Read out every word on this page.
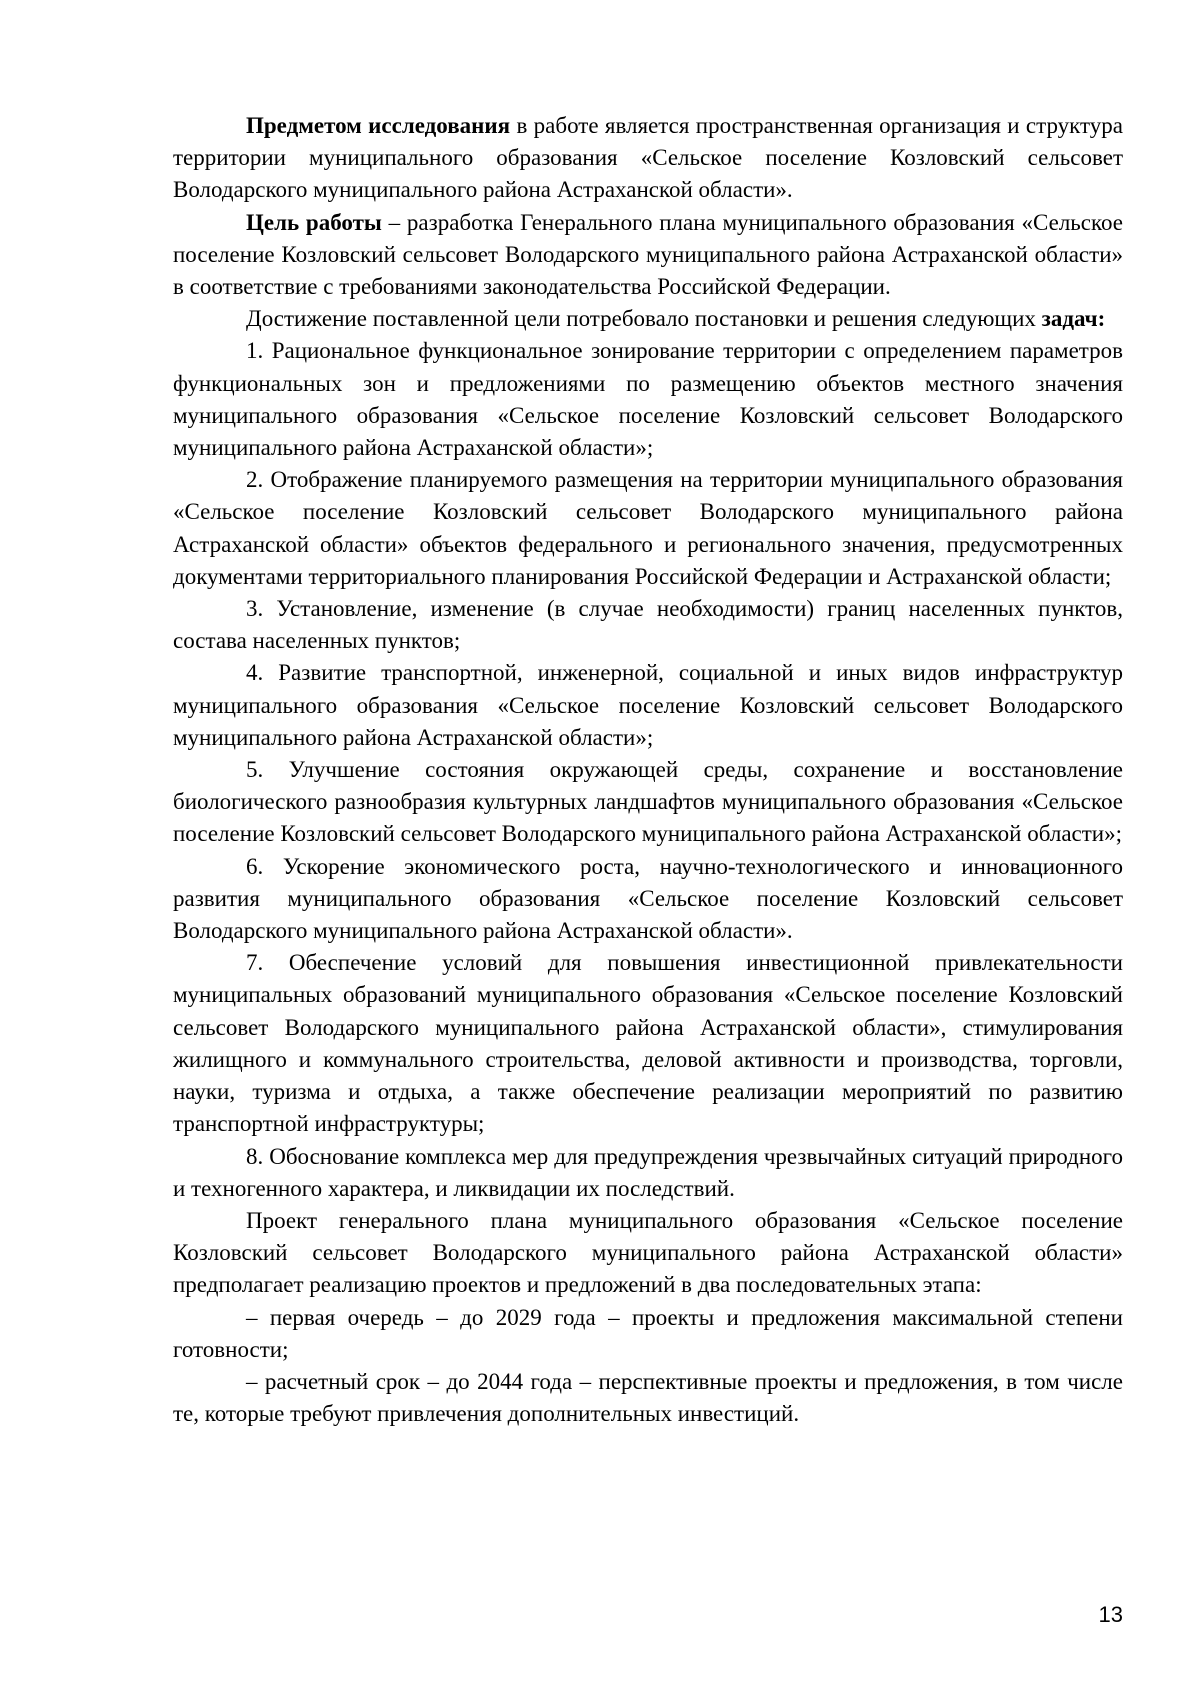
Предметом исследования в работе является пространственная организация и структура территории муниципального образования «Сельское поселение Козловский сельсовет Володарского муниципального района Астраханской области».

Цель работы – разработка Генерального плана муниципального образования «Сельское поселение Козловский сельсовет Володарского муниципального района Астраханской области» в соответствие с требованиями законодательства Российской Федерации.

Достижение поставленной цели потребовало постановки и решения следующих задач:

1. Рациональное функциональное зонирование территории с определением параметров функциональных зон и предложениями по размещению объектов местного значения муниципального образования «Сельское поселение Козловский сельсовет Володарского муниципального района Астраханской области»;

2. Отображение планируемого размещения на территории муниципального образования «Сельское поселение Козловский сельсовет Володарского муниципального района Астраханской области» объектов федерального и регионального значения, предусмотренных документами территориального планирования Российской Федерации и Астраханской области;

3. Установление, изменение (в случае необходимости) границ населенных пунктов, состава населенных пунктов;

4. Развитие транспортной, инженерной, социальной и иных видов инфраструктур муниципального образования «Сельское поселение Козловский сельсовет Володарского муниципального района Астраханской области»;

5. Улучшение состояния окружающей среды, сохранение и восстановление биологического разнообразия культурных ландшафтов муниципального образования «Сельское поселение Козловский сельсовет Володарского муниципального района Астраханской области»;

6. Ускорение экономического роста, научно-технологического и инновационного развития муниципального образования «Сельское поселение Козловский сельсовет Володарского муниципального района Астраханской области».

7. Обеспечение условий для повышения инвестиционной привлекательности муниципальных образований муниципального образования «Сельское поселение Козловский сельсовет Володарского муниципального района Астраханской области», стимулирования жилищного и коммунального строительства, деловой активности и производства, торговли, науки, туризма и отдыха, а также обеспечение реализации мероприятий по развитию транспортной инфраструктуры;

8. Обоснование комплекса мер для предупреждения чрезвычайных ситуаций природного и техногенного характера, и ликвидации их последствий.

Проект генерального плана муниципального образования «Сельское поселение Козловский сельсовет Володарского муниципального района Астраханской области» предполагает реализацию проектов и предложений в два последовательных этапа:

– первая очередь – до 2029 года – проекты и предложения максимальной степени готовности;

– расчетный срок – до 2044 года – перспективные проекты и предложения, в том числе те, которые требуют привлечения дополнительных инвестиций.

13
